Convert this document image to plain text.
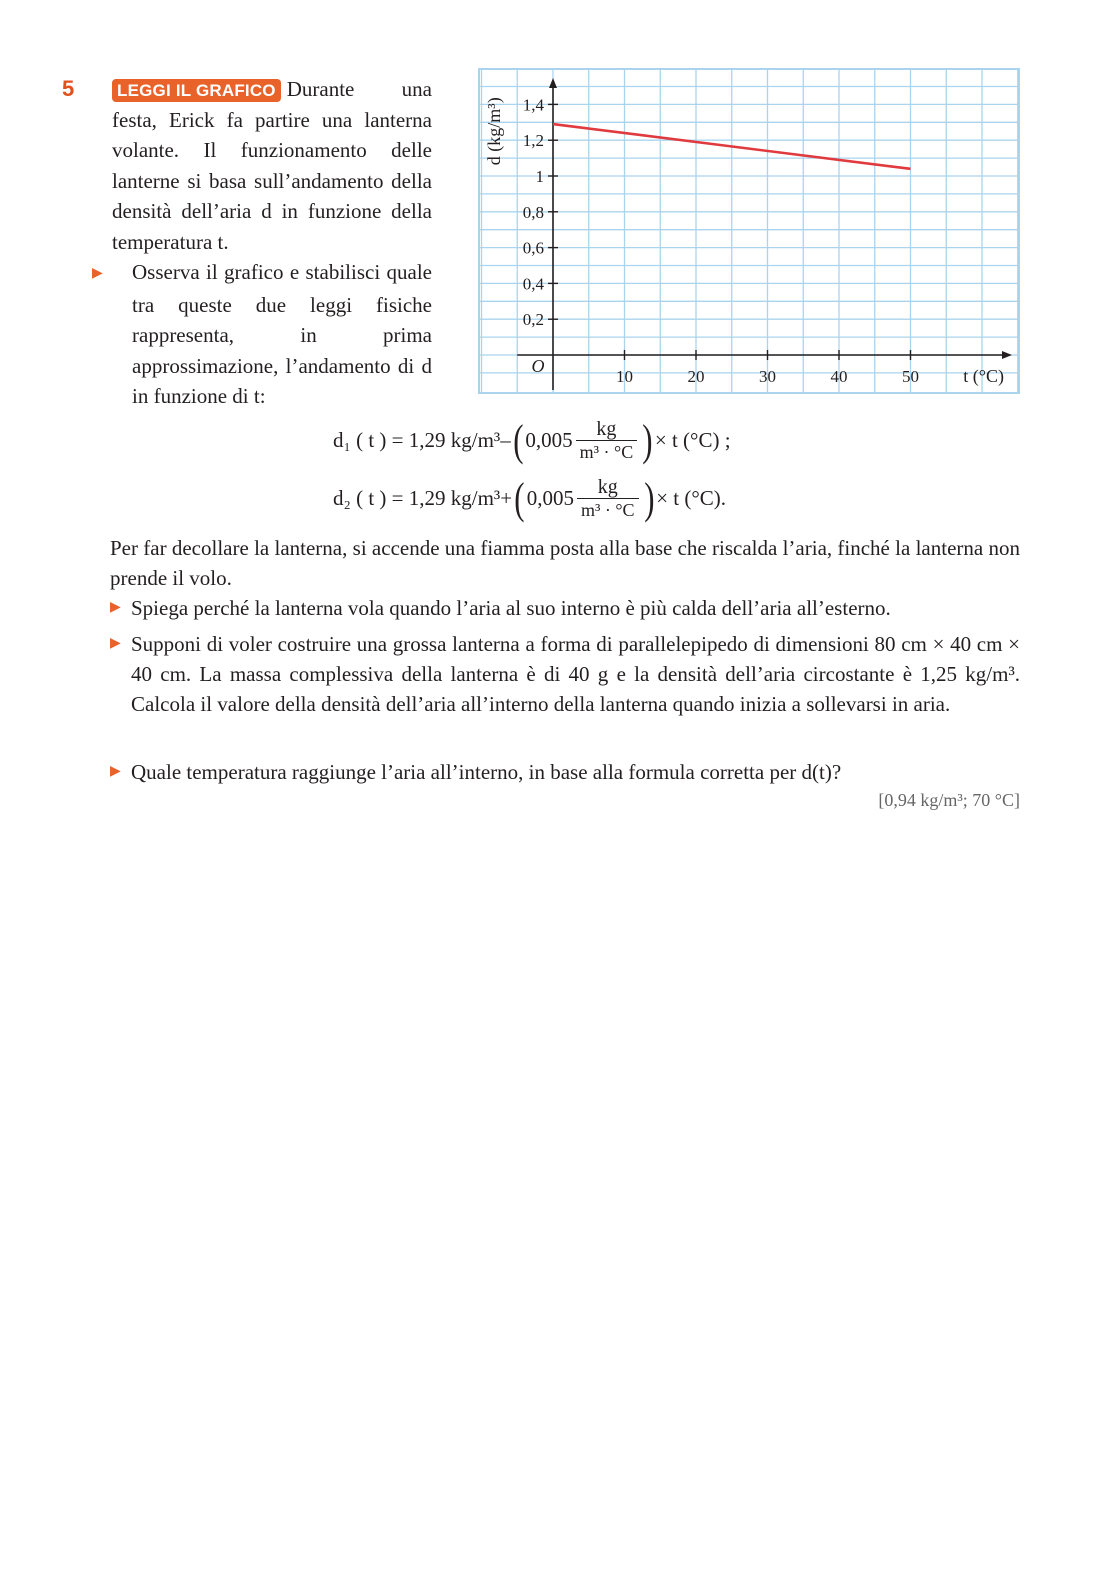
5	LEGGI IL GRAFICO Durante una festa, Erick fa partire una lanterna volante. Il funzionamento delle lanterne si basa sull’andamento della densità dell’aria d in funzione della temperatura t.
▶ Osserva il grafico e stabilisci quale tra queste due leggi fisiche rappresenta, in prima approssimazione, l’andamento di d in funzione di t:
10	20	30	40	50
0,2
0,4
0,6
0,8
1
1,2
1,4
O	t (°C)
d (kg/m³)
d₁ ( t ) = 1,29 kg/m³– ( $0,005 \frac{kg}{\text{m³ · °C}}$ ) × t (°C) ;
d₂ ( t ) = 1,29 kg/m³+ ( $0,005 \frac{kg}{\text{m³ · °C}}$ ) × t (°C).
Per far decollare la lanterna, si accende una fiamma posta alla base che riscalda l’aria, finché la lanterna non prende il volo.
▶ Spiega perché la lanterna vola quando l’aria al suo interno è più calda dell’aria all’esterno.
▶ Supponi di voler costruire una grossa lanterna a forma di parallelepipedo di dimensioni 80 cm × 40 cm × 40 cm. La massa complessiva della lanterna è di 40 g e la densità dell’aria circostante è 1,25 kg/m³. Calcola il valore della densità dell’aria all’interno della lanterna quando inizia a sollevarsi in aria.
▶ Quale temperatura raggiunge l’aria all’interno, in base alla formula corretta per d(t)?
[0,94 kg/m³; 70 °C]
